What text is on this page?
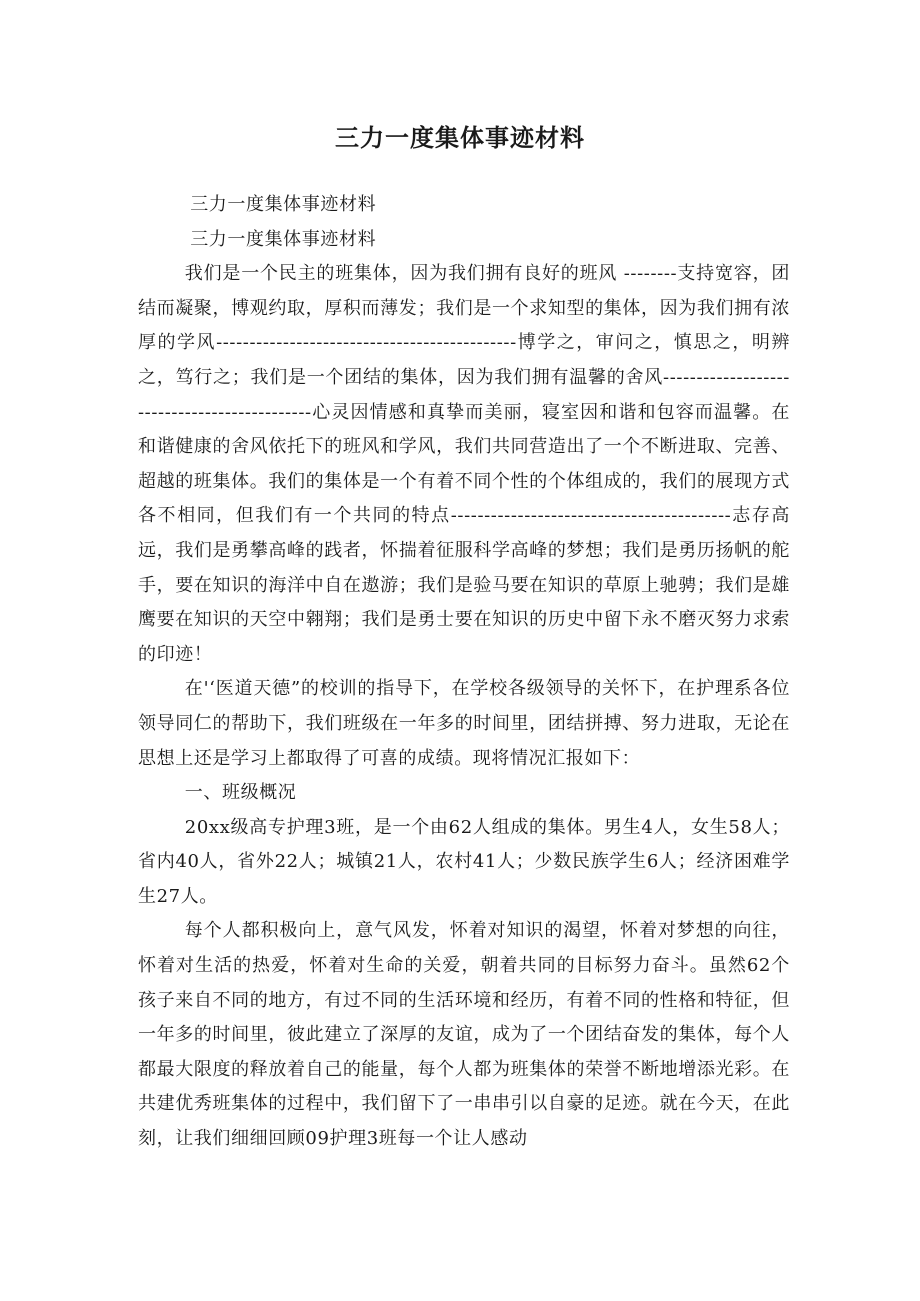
三力一度集体事迹材料

三力一度集体事迹材料

三力一度集体事迹材料

我们是一个民主的班集体，因为我们拥有良好的班风 --------支持宽容，团结而凝聚，博观约取，厚积而薄发；我们是一个求知型的集体，因为我们拥有浓厚的学风---------------------------------------------博学之，审问之，慎思之，明辨之，笃行之；我们是一个团结的集体，因为我们拥有温馨的舍风---------------------------------------------心灵因情感和真挚而美丽，寝室因和谐和包容而温馨。在和谐健康的舍风依托下的班风和学风，我们共同营造出了一个不断进取、完善、超越的班集体。我们的集体是一个有着不同个性的个体组成的，我们的展现方式各不相同，但我们有一个共同的特点------------------------------------------志存高远，我们是勇攀高峰的践者，怀揣着征服科学高峰的梦想；我们是勇历扬帆的舵手，要在知识的海洋中自在遨游；我们是验马要在知识的草原上驰骋；我们是雄鹰要在知识的天空中翱翔；我们是勇士要在知识的历史中留下永不磨灭努力求索的印迹！

在'‘医道天德”的校训的指导下，在学校各级领导的关怀下，在护理系各位领导同仁的帮助下，我们班级在一年多的时间里，团结拼搏、努力进取，无论在思想上还是学习上都取得了可喜的成绩。现将情况汇报如下：

一、班级概况

20xx级高专护理3班，是一个由62人组成的集体。男生4人，女生58人；省内40人，省外22人；城镇21人，农村41人；少数民族学生6人；经济困难学生27人。

每个人都积极向上，意气风发，怀着对知识的渴望，怀着对梦想的向往，怀着对生活的热爱，怀着对生命的关爱，朝着共同的目标努力奋斗。虽然62个孩子来自不同的地方，有过不同的生活环境和经历，有着不同的性格和特征，但一年多的时间里，彼此建立了深厚的友谊，成为了一个团结奋发的集体，每个人都最大限度的释放着自己的能量，每个人都为班集体的荣誉不断地增添光彩。在共建优秀班集体的过程中，我们留下了一串串引以自豪的足迹。就在今天，在此刻，让我们细细回顾09护理3班每一个让人感动
